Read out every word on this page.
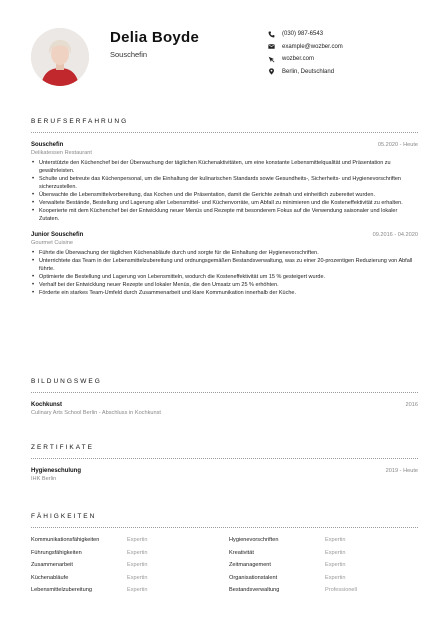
Delia Boyde
Souschefin
(030) 987-6543
example@wozber.com
wozber.com
Berlin, Deutschland
BERUFSERFAHRUNG
Souschefin	05.2020 - Heute
Delikatessen Restaurant
• Unterstützte den Küchenchef bei der Überwachung der täglichen Küchenaktivitäten, um eine konstante Lebensmittelqualität und Präsentation zu gewährleisten.
• Schulte und betreute das Küchenpersonal, um die Einhaltung der kulinarischen Standards sowie Gesundheits-, Sicherheits- und Hygienevorschriften sicherzustellen.
• Überwachte die Lebensmittelvorbereitung, das Kochen und die Präsentation, damit die Gerichte zeitnah und einheitlich zubereitet wurden.
• Verwaltete Bestände, Bestellung und Lagerung aller Lebensmittel- und Küchenvorräte, um Abfall zu minimieren und die Kosteneffektivität zu erhalten.
• Kooperierte mit dem Küchenchef bei der Entwicklung neuer Menüs und Rezepte mit besonderem Fokus auf die Verwendung saisonaler und lokaler Zutaten.
Junior Souschefin	09.2016 - 04.2020
Gourmet Cuisine
• Führte die Überwachung der täglichen Küchenabläufe durch und sorgte für die Einhaltung der Hygienevorschriften.
• Unterrichtete das Team in der Lebensmittelzubereitung und ordnungsgemäßen Bestandsverwaltung, was zu einer 20-prozentigen Reduzierung von Abfall führte.
• Optimierte die Bestellung und Lagerung von Lebensmitteln, wodurch die Kosteneffektivität um 15 % gesteigert wurde.
• Verhalf bei der Entwicklung neuer Rezepte und lokaler Menüs, die den Umsatz um 25 % erhöhten.
• Förderte ein starkes Team-Umfeld durch Zusammenarbeit und klare Kommunikation innerhalb der Küche.
BILDUNGSWEG
Kochkunst	2016
Culinary Arts School Berlin - Abschluss in Kochkunst
ZERTIFIKATE
Hygieneschulung	2019 - Heute
IHK Berlin
FÄHIGKEITEN
Kommunikationsfähigkeiten	Expertin	Hygienevorschriften	Expertin
Führungsfähigkeiten	Expertin	Kreativität	Expertin
Zusammenarbeit	Expertin	Zeitmanagement	Expertin
Küchenabläufe	Expertin	Organisationstalent	Expertin
Lebensmittelzubereitung	Expertin	Bestandsverwaltung	Professionell
